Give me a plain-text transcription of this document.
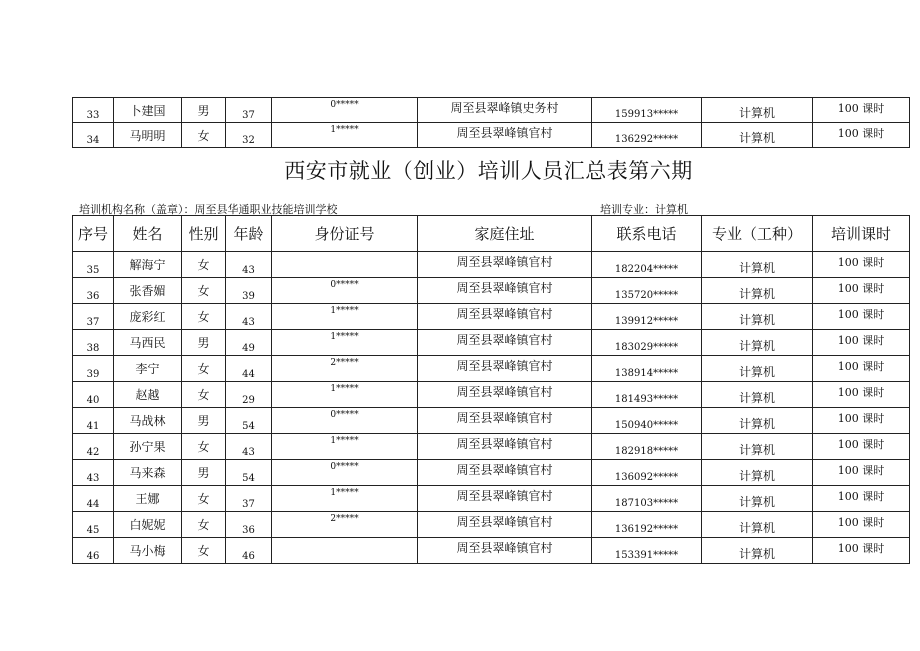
33	卜建国	男	37	0*****	周至县翠峰镇史务村	159913*****	计算机	100 课时
34	马明明	女	32	1*****	周至县翠峰镇官村	136292*****	计算机	100 课时
西安市就业（创业）培训人员汇总表第六期
培训机构名称（盖章）：周至县华通职业技能培训学校	培训专业：计算机
序号	姓名	性别	年龄	身份证号	家庭住址	联系电话	专业（工种）	培训课时
35	解海宁	女	43		周至县翠峰镇官村	182204*****	计算机	100 课时
36	张香媚	女	39	0*****	周至县翠峰镇官村	135720*****	计算机	100 课时
37	庞彩红	女	43	1*****	周至县翠峰镇官村	139912*****	计算机	100 课时
38	马西民	男	49	1*****	周至县翠峰镇官村	183029*****	计算机	100 课时
39	李宁	女	44	2*****	周至县翠峰镇官村	138914*****	计算机	100 课时
40	赵越	女	29	1*****	周至县翠峰镇官村	181493*****	计算机	100 课时
41	马战林	男	54	0*****	周至县翠峰镇官村	150940*****	计算机	100 课时
42	孙宁果	女	43	1*****	周至县翠峰镇官村	182918*****	计算机	100 课时
43	马来森	男	54	0*****	周至县翠峰镇官村	136092*****	计算机	100 课时
44	王娜	女	37	1*****	周至县翠峰镇官村	187103*****	计算机	100 课时
45	白妮妮	女	36	2*****	周至县翠峰镇官村	136192*****	计算机	100 课时
46	马小梅	女	46		周至县翠峰镇官村	153391*****	计算机	100 课时
